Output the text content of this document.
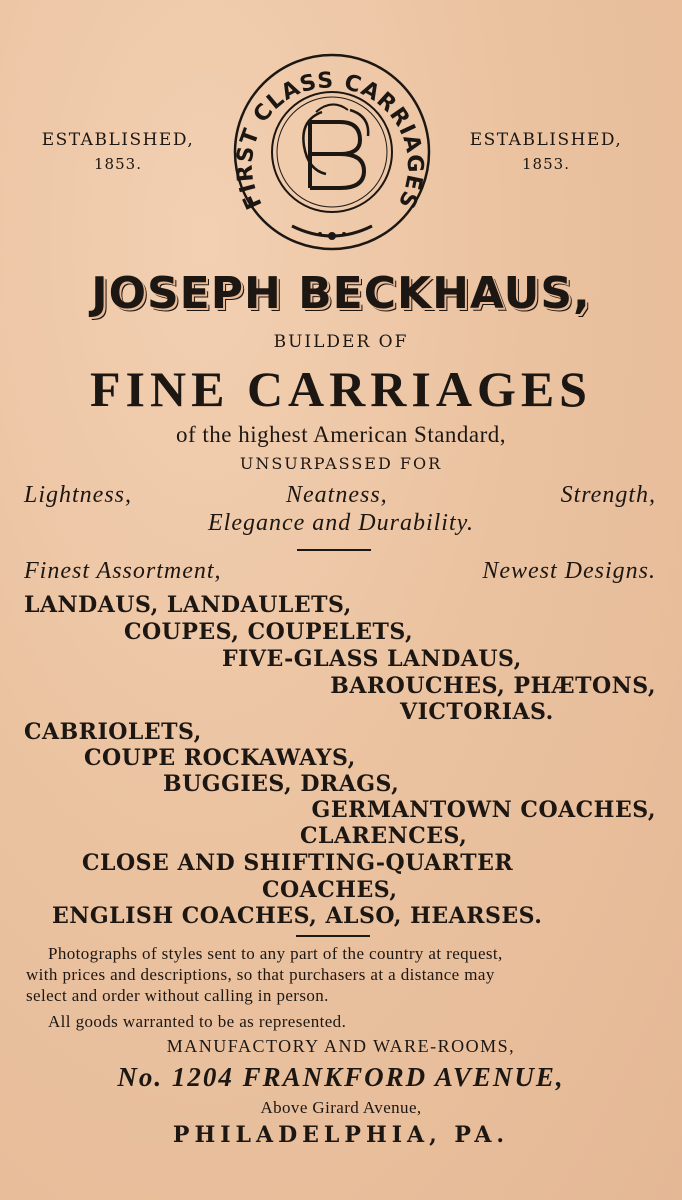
ESTABLISHED,
1853.
ESTABLISHED,
1853.
FIRST CLASS CARRIAGES
JOSEPH BECKHAUS,
BUILDER OF
FINE CARRIAGES
of the highest American Standard,
UNSURPASSED FOR
Lightness,	Neatness,	Strength,
Elegance and Durability.
Finest Assortment,	Newest Designs.
LANDAUS, LANDAULETS,
COUPES, COUPELETS,
FIVE-GLASS LANDAUS,
BAROUCHES, PHÆTONS,
VICTORIAS.
CABRIOLETS,
COUPE ROCKAWAYS,
BUGGIES, DRAGS,
GERMANTOWN COACHES,
CLARENCES,
CLOSE AND SHIFTING-QUARTER
COACHES,
ENGLISH COACHES, ALSO, HEARSES.
Photographs of styles sent to any part of the country at request,
with prices and descriptions, so that purchasers at a distance may
select and order without calling in person.
All goods warranted to be as represented.
MANUFACTORY AND WARE-ROOMS,
No. 1204 FRANKFORD AVENUE,
Above Girard Avenue,
PHILADELPHIA, PA.
